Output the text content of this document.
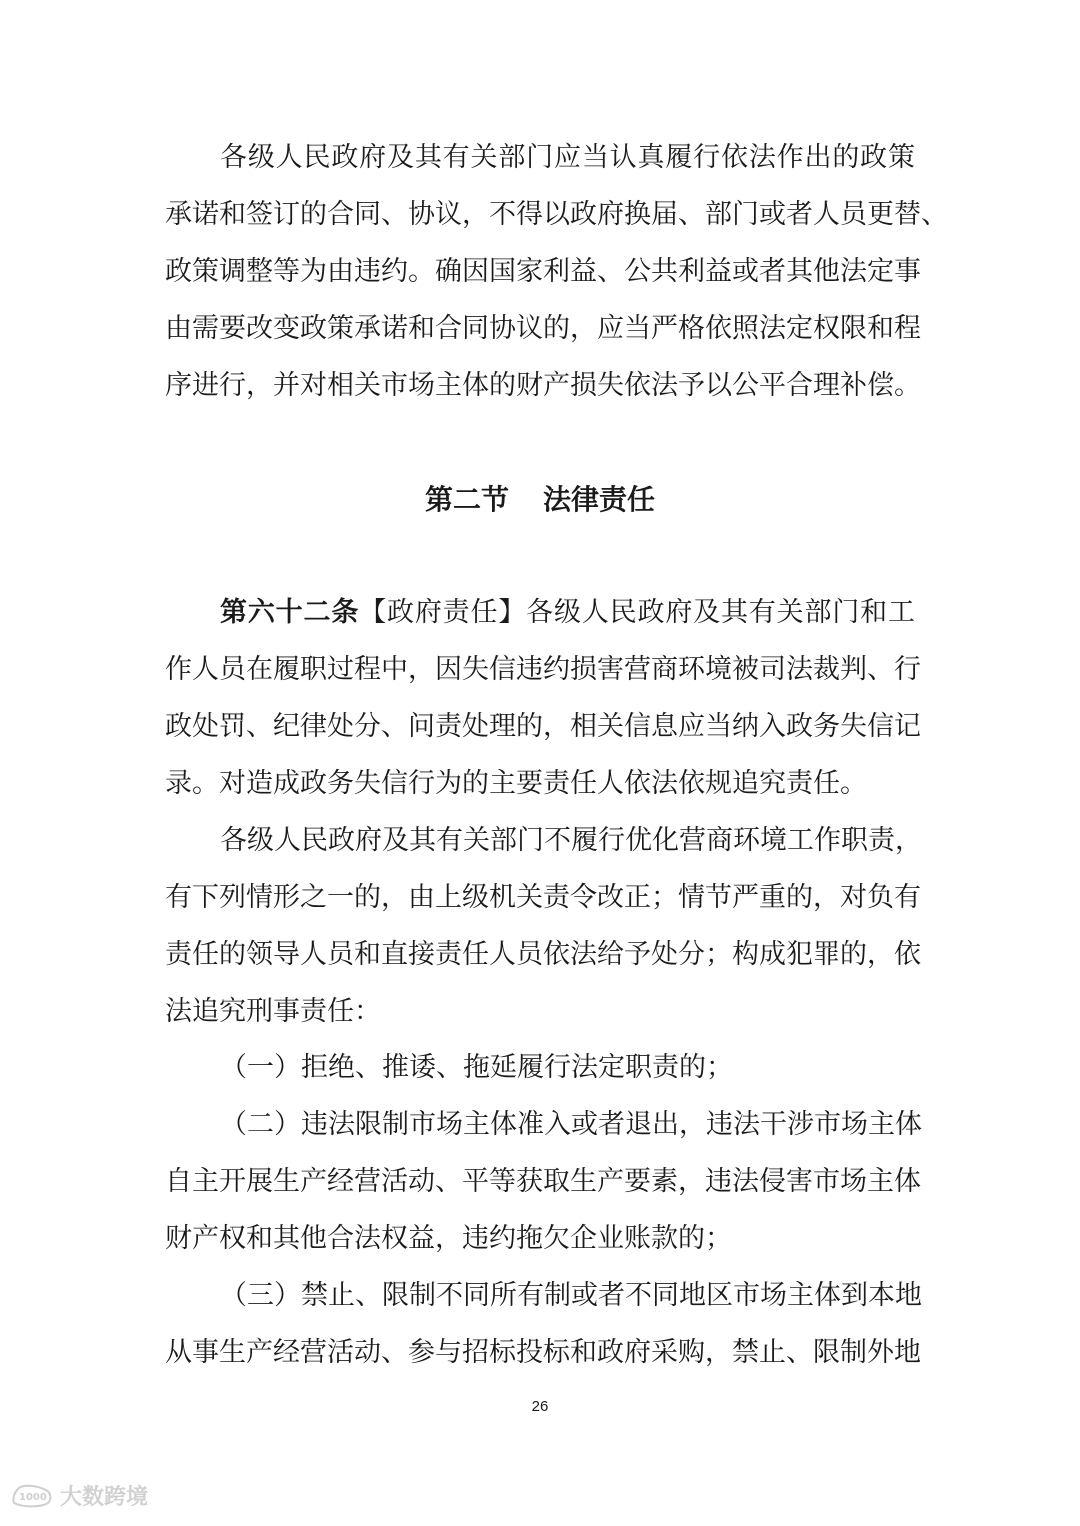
各级人民政府及其有关部门应当认真履行依法作出的政策
承诺和签订的合同、协议，不得以政府换届、部门或者人员更替、
政策调整等为由违约。确因国家利益、公共利益或者其他法定事
由需要改变政策承诺和合同协议的，应当严格依照法定权限和程
序进行，并对相关市场主体的财产损失依法予以公平合理补偿。
第二节 法律责任
第六十二条【政府责任】各级人民政府及其有关部门和工
作人员在履职过程中，因失信违约损害营商环境被司法裁判、行
政处罚、纪律处分、问责处理的，相关信息应当纳入政务失信记
录。对造成政务失信行为的主要责任人依法依规追究责任。
各级人民政府及其有关部门不履行优化营商环境工作职责，
有下列情形之一的，由上级机关责令改正；情节严重的，对负有
责任的领导人员和直接责任人员依法给予处分；构成犯罪的，依
法追究刑事责任：
（一）拒绝、推诿、拖延履行法定职责的；
（二）违法限制市场主体准入或者退出，违法干涉市场主体
自主开展生产经营活动、平等获取生产要素，违法侵害市场主体
财产权和其他合法权益，违约拖欠企业账款的；
（三）禁止、限制不同所有制或者不同地区市场主体到本地
从事生产经营活动、参与招标投标和政府采购，禁止、限制外地
26
1000 大数跨境
